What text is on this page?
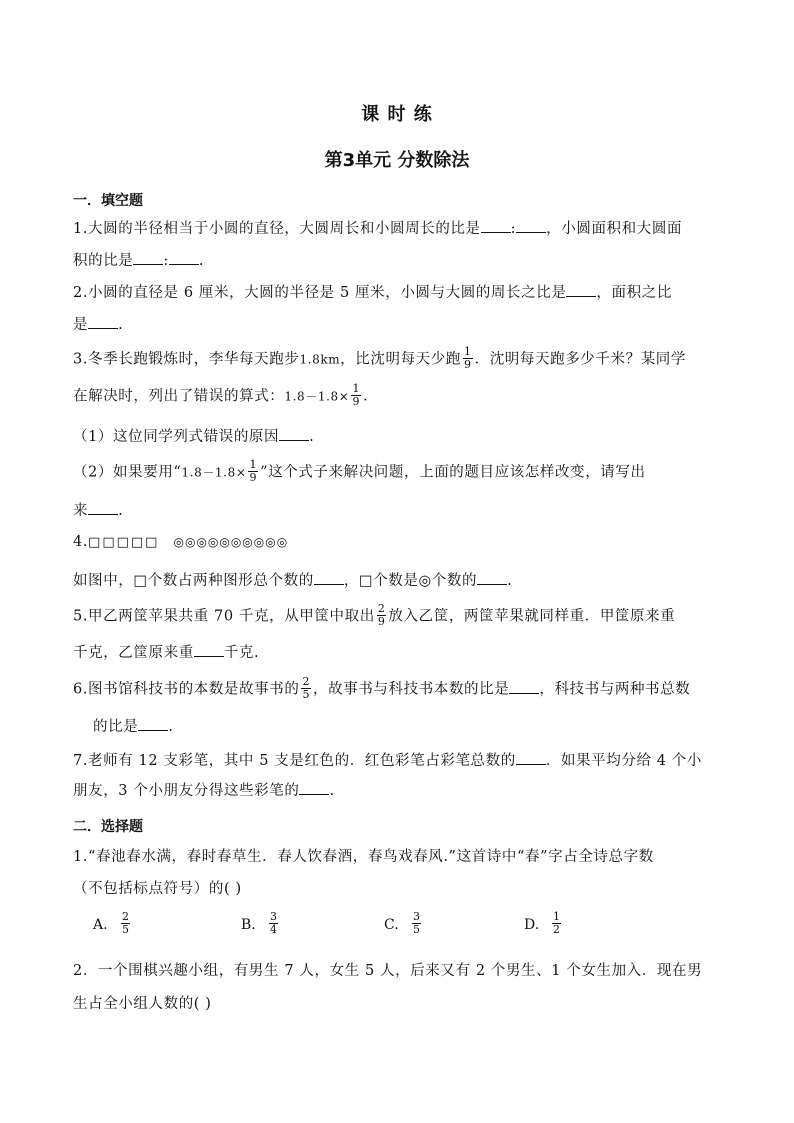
课 时 练
第3单元 分数除法
一．填空题
1.大圆的半径相当于小圆的直径，大圆周长和小圆周长的比是 : ，小圆面积和大圆面
积的比是 : .
2.小圆的直径是 6 厘米，大圆的半径是 5 厘米，小圆与大圆的周长之比是 ，面积之比
是 .
3.冬季长跑锻炼时，李华每天跑步1.8km，比沈明每天少跑 $\frac{1}{9}$ ．沈明每天跑多少千米？某同学
在解决时，列出了错误的算式：$1.8-1.8\times \frac{1}{9}$ .
（1）这位同学列式错误的原因 .
（2）如果要用“$1.8-1.8\times \frac{1}{9}$ ”这个式子来解决问题，上面的题目应该怎样改变，请写出
来 .
4.□□□□□ ◎◎◎◎◎◎◎◎◎◎
如图中，□个数占两种图形总个数的 ，□个数是◎个数的 .
5.甲乙两筐苹果共重 70 千克，从甲筐中取出 $\frac{2}{9}$ 放入乙筐，两筐苹果就同样重．甲筐原来重
千克，乙筐原来重 千克.
6.图书馆科技书的本数是故事书的 $\frac{2}{5}$ ，故事书与科技书本数的比是 ，科技书与两种书总数
的比是 .
7.老师有 12 支彩笔，其中 5 支是红色的．红色彩笔占彩笔总数的 ．如果平均分给 4 个小
朋友，3 个小朋友分得这些彩笔的 .
二．选择题
1.“春池春水满，春时春草生．春人饮春酒，春鸟戏春风.”这首诗中“春”字占全诗总字数
（不包括标点符号）的( )
A. $\frac{2}{5}$	B. $\frac{3}{4}$	C. $\frac{3}{5}$	D. $\frac{1}{2}$
2．一个围棋兴趣小组，有男生 7 人，女生 5 人，后来又有 2 个男生、1 个女生加入．现在男
生占全小组人数的( )
